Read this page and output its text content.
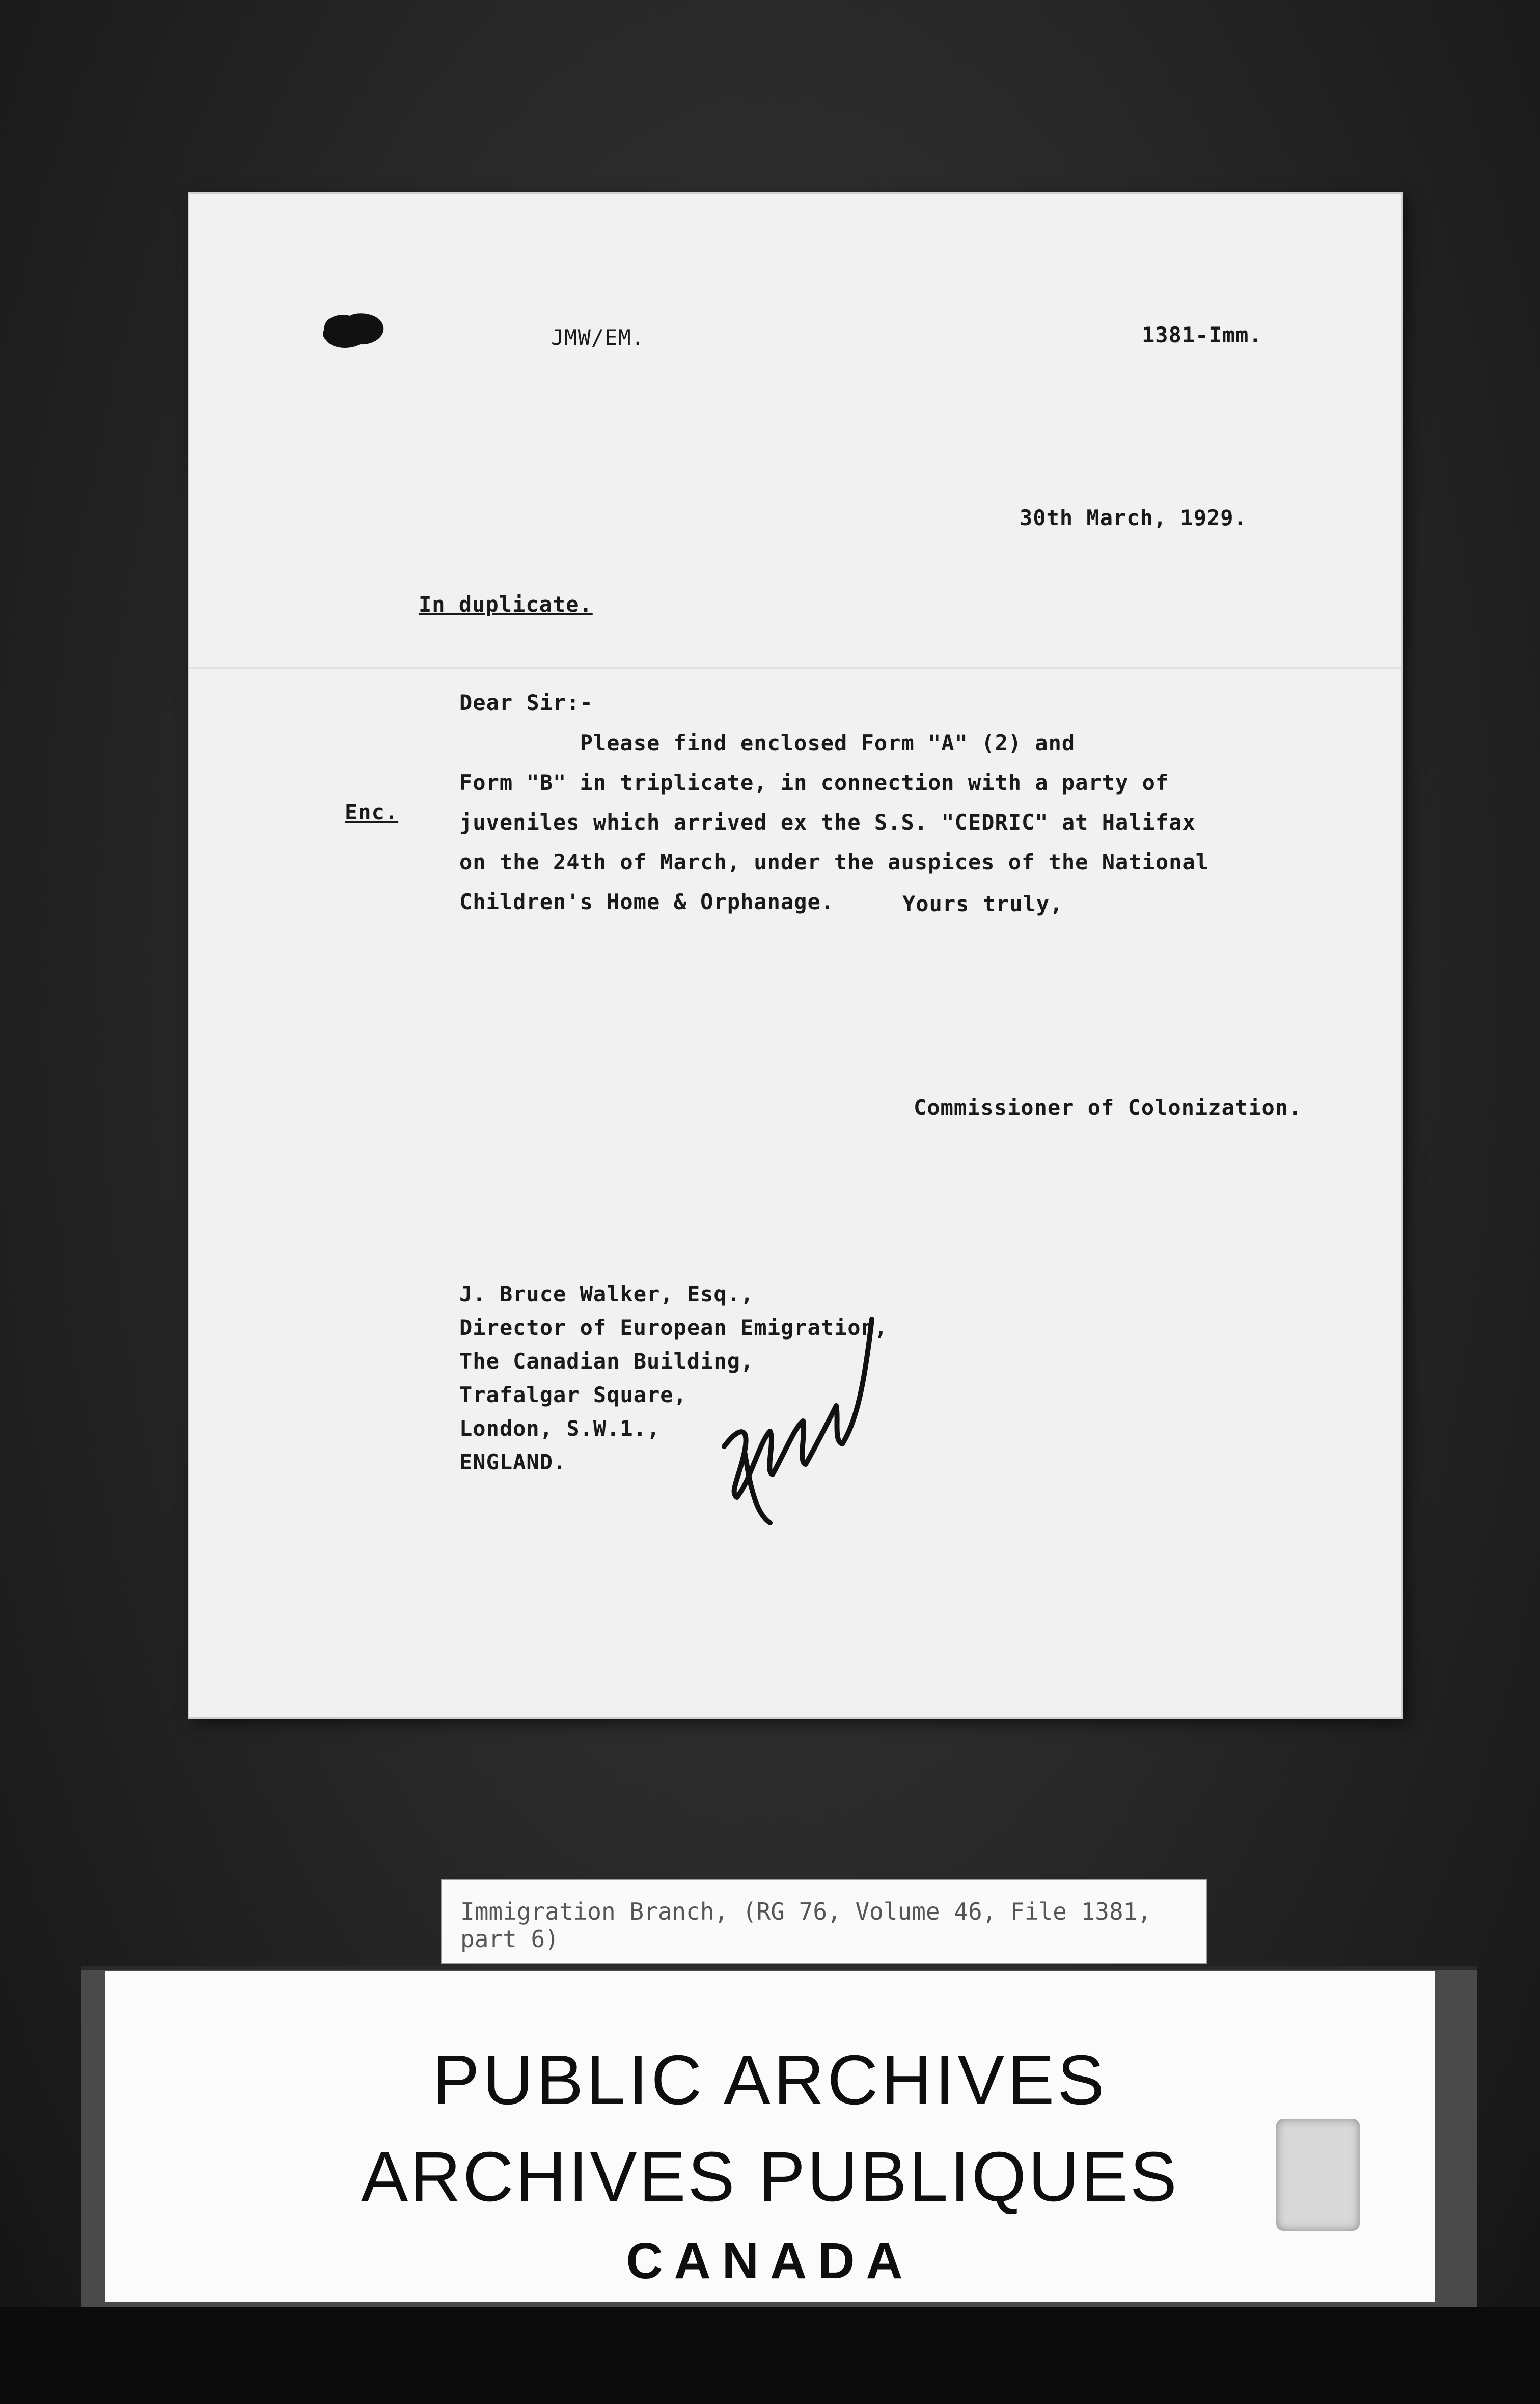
JMW/EM.	1381-Imm.
30th March, 1929.
In duplicate.
Dear Sir:-
Please find enclosed Form "A" (2) and
Form "B" in triplicate, in connection with a party of
juveniles which arrived ex the S.S. "CEDRIC" at Halifax
on the 24th of March, under the auspices of the National
Children's Home & Orphanage.
Enc.
Yours truly,
Commissioner of Colonization.
J. Bruce Walker, Esq.,
Director of European Emigration,
The Canadian Building,
Trafalgar Square,
London, S.W.1.,
ENGLAND.
Immigration Branch, (RG 76, Volume 46, File 1381, part 6)
PUBLIC ARCHIVES
ARCHIVES PUBLIQUES
CANADA
